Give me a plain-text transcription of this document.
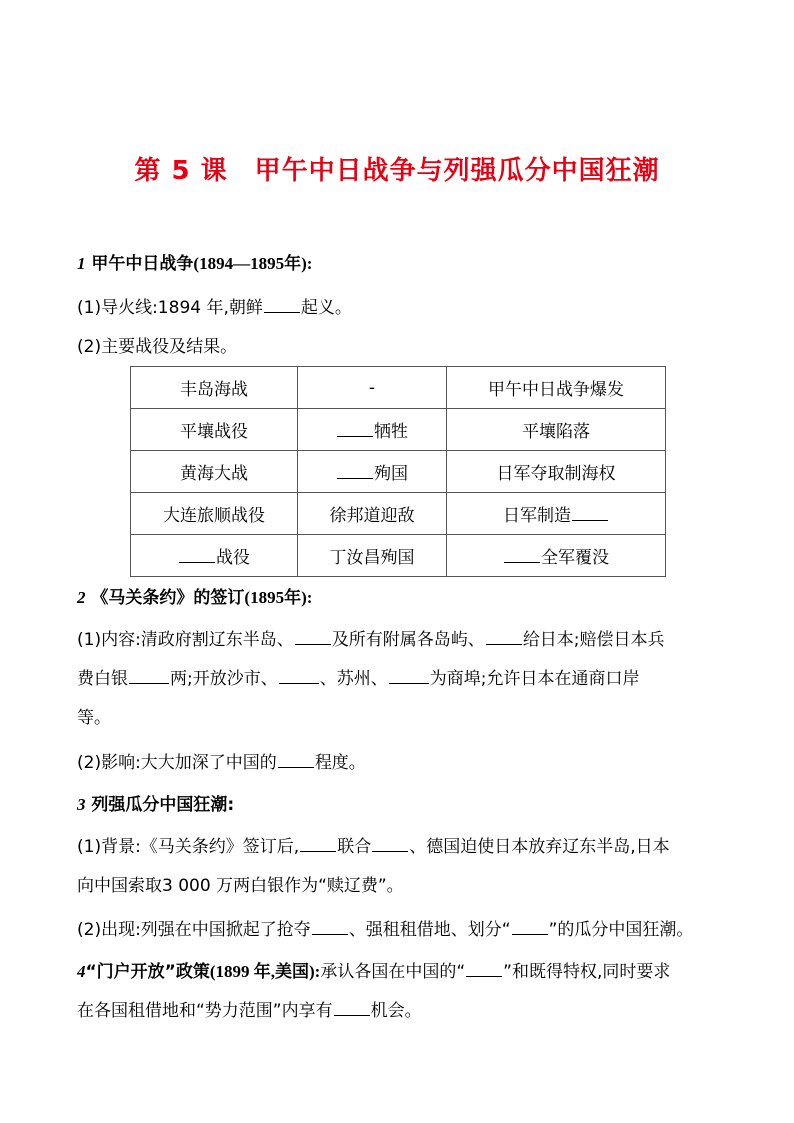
第 5 课　甲午中日战争与列强瓜分中国狂潮
1 甲午中日战争(1894—1895年):
(1)导火线:1894 年,朝鲜 起义。
(2)主要战役及结果。
丰岛海战	-	甲午中日战争爆发
平壤战役	牺牲	平壤陷落
黄海大战	殉国	日军夺取制海权
大连旅顺战役	徐邦道迎敌	日军制造
战役	丁汝昌殉国	全军覆没
2 《马关条约》的签订(1895年):
(1)内容:清政府割辽东半岛、 及所有附属各岛屿、 给日本;赔偿日本兵
费白银 两;开放沙市、 、苏州、 为商埠;允许日本在通商口岸
等。
(2)影响:大大加深了中国的 程度。
3 列强瓜分中国狂潮:
(1)背景:《马关条约》签订后, 联合 、德国迫使日本放弃辽东半岛,日本
向中国索取3 000 万两白银作为“赎辽费”。
(2)出现:列强在中国掀起了抢夺 、强租租借地、划分“ ”的瓜分中国狂潮。
4“门户开放”政策(1899 年,美国):承认各国在中国的“ ”和既得特权,同时要求
在各国租借地和“势力范围”内享有 机会。
